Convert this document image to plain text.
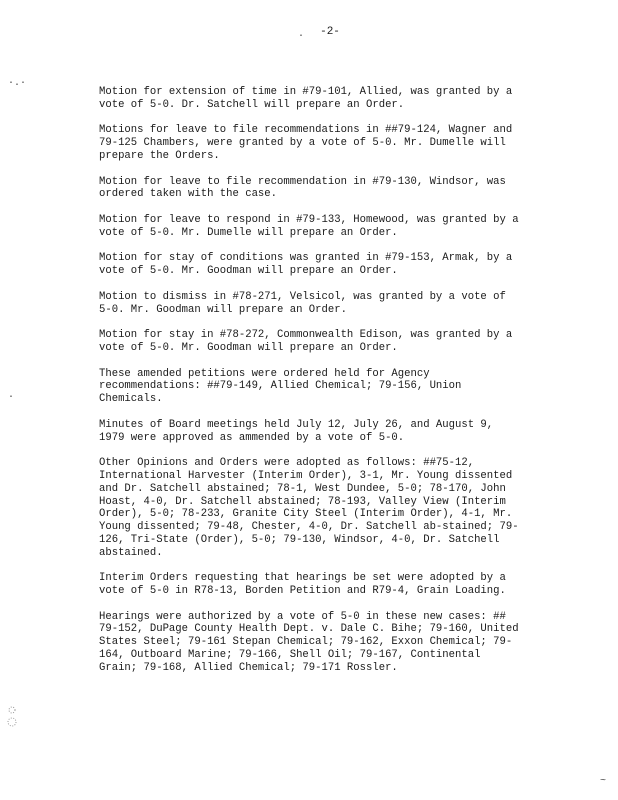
-2-
·
·.·
·
~

Motion for extension of time in #79-101, Allied, was granted by a vote of 5-0. Dr. Satchell will prepare an Order.

Motions for leave to file recommendations in ##79-124, Wagner and 79-125 Chambers, were granted by a vote of 5-0. Mr. Dumelle will prepare the Orders.

Motion for leave to file recommendation in #79-130, Windsor, was ordered taken with the case.

Motion for leave to respond in #79-133, Homewood, was granted by a vote of 5-0. Mr. Dumelle will prepare an Order.

Motion for stay of conditions was granted in #79-153, Armak, by a vote of 5-0. Mr. Goodman will prepare an Order.

Motion to dismiss in #78-271, Velsicol, was granted by a vote of 5-0. Mr. Goodman will prepare an Order.

Motion for stay in #78-272, Commonwealth Edison, was granted by a vote of 5-0. Mr. Goodman will prepare an Order.

These amended petitions were ordered held for Agency recommendations: ##79-149, Allied Chemical; 79-156, Union Chemicals.

Minutes of Board meetings held July 12, July 26, and August 9, 1979 were approved as ammended by a vote of 5-0.

Other Opinions and Orders were adopted as follows: ##75-12, International Harvester (Interim Order), 3-1, Mr. Young dissented and Dr. Satchell abstained; 78-1, West Dundee, 5-0; 78-170, John Hoast, 4-0, Dr. Satchell abstained; 78-193, Valley View (Interim Order), 5-0; 78-233, Granite City Steel (Interim Order), 4-1, Mr. Young dissented; 79-48, Chester, 4-0, Dr. Satchell ab-stained; 79-126, Tri-State (Order), 5-0; 79-130, Windsor, 4-0, Dr. Satchell abstained.

Interim Orders requesting that hearings be set were adopted by a vote of 5-0 in R78-13, Borden Petition and R79-4, Grain Loading.

Hearings were authorized by a vote of 5-0 in these new cases: ## 79-152, DuPage County Health Dept. v. Dale C. Bihe; 79-160, United States Steel; 79-161 Stepan Chemical; 79-162, Exxon Chemical; 79-164, Outboard Marine; 79-166, Shell Oil; 79-167, Continental Grain; 79-168, Allied Chemical; 79-171 Rossler.
